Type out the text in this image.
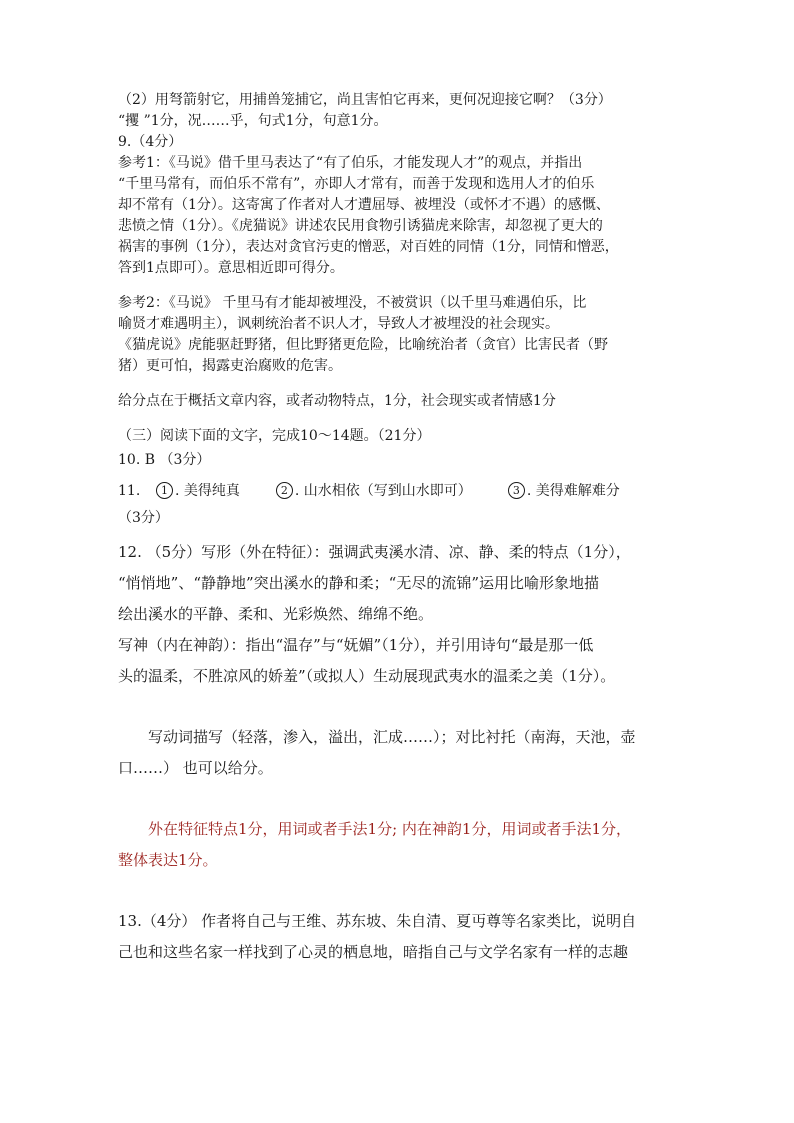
（2）用弩箭射它，用捕兽笼捕它，尚且害怕它再来，更何况迎接它啊？（3分）
“攫 ”1分，况……乎，句式1分，句意1分。
9.（4分）
参考1：《马说》借千里马表达了“有了伯乐，才能发现人才”的观点，并指出
“千里马常有，而伯乐不常有”，亦即人才常有，而善于发现和选用人才的伯乐
却不常有（1分）。这寄寓了作者对人才遭屈辱、被埋没（或怀才不遇）的感慨、
悲愤之情（1分）。《虎猫说》讲述农民用食物引诱猫虎来除害，却忽视了更大的
祸害的事例（1分），表达对贪官污吏的憎恶，对百姓的同情（1分，同情和憎恶，
答到1点即可）。意思相近即可得分。
参考2：《马说》 千里马有才能却被埋没，不被赏识（以千里马难遇伯乐，比
喻贤才难遇明主），讽刺统治者不识人才，导致人才被埋没的社会现实。
《猫虎说》虎能驱赶野猪，但比野猪更危险，比喻统治者（贪官）比害民者（野
猪）更可怕，揭露吏治腐败的危害。
给分点在于概括文章内容，或者动物特点，1分，社会现实或者情感1分
（三）阅读下面的文字，完成10～14题。（21分）
10. B （3分）
11.	1 . 美得纯真	2 . 山水相依（写到山水即可）	3 . 美得难解难分
（3分）
12. （5分）写形（外在特征）：强调武夷溪水清、凉、静、柔的特点（1分），
“悄悄地”、“静静地”突出溪水的静和柔；“无尽的流锦”运用比喻形象地描
绘出溪水的平静、柔和、光彩焕然、绵绵不绝。
写神（内在神韵）：指出“温存”与“妩媚”（1分），并引用诗句“最是那一低
头的温柔，不胜凉风的娇羞”（或拟人）生动展现武夷水的温柔之美（1分）。
写动词描写（轻落，渗入，溢出，汇成……）；对比衬托（南海，天池，壶
口……） 也可以给分。
外在特征特点1分，用词或者手法1分; 内在神韵1分，用词或者手法1分，
整体表达1分。
13.（4分） 作者将自己与王维、苏东坡、朱自清、夏丏尊等名家类比，说明自
己也和这些名家一样找到了心灵的栖息地，暗指自己与文学名家有一样的志趣
